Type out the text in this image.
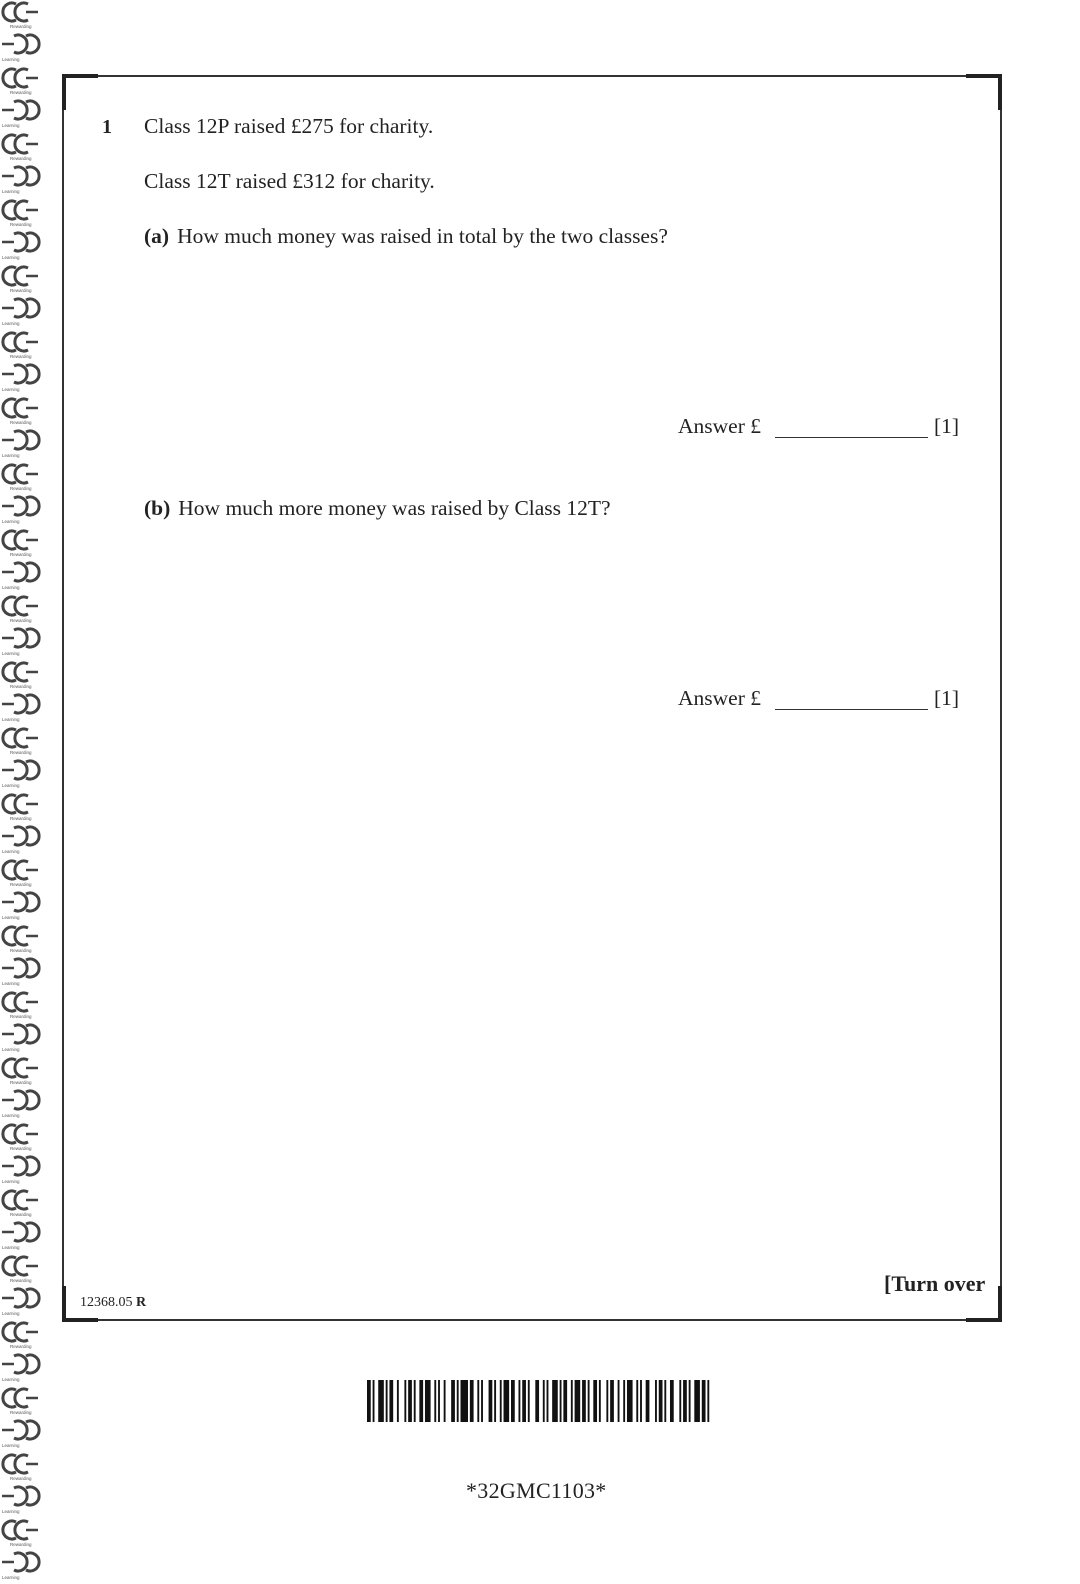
Rewarding
Learning
Rewarding
Learning
Rewarding
Learning
Rewarding
Learning
Rewarding
Learning
Rewarding
Learning
Rewarding
Learning
Rewarding
Learning
Rewarding
Learning
Rewarding
Learning
Rewarding
Learning
Rewarding
Learning
Rewarding
Learning
Rewarding
Learning
Rewarding
Learning
Rewarding
Learning
Rewarding
Learning
Rewarding
Learning
Rewarding
Learning
Rewarding
Learning
Rewarding
Learning
Rewarding
Learning
Rewarding
Learning
Rewarding
Learning
1 Class 12P raised £275 for charity.
Class 12T raised £312 for charity.
(a) How much money was raised in total by the two classes?
Answer £	[1]
(b) How much more money was raised by Class 12T?
Answer £	[1]
12368.05 R
[Turn over
*32GMC1103*
